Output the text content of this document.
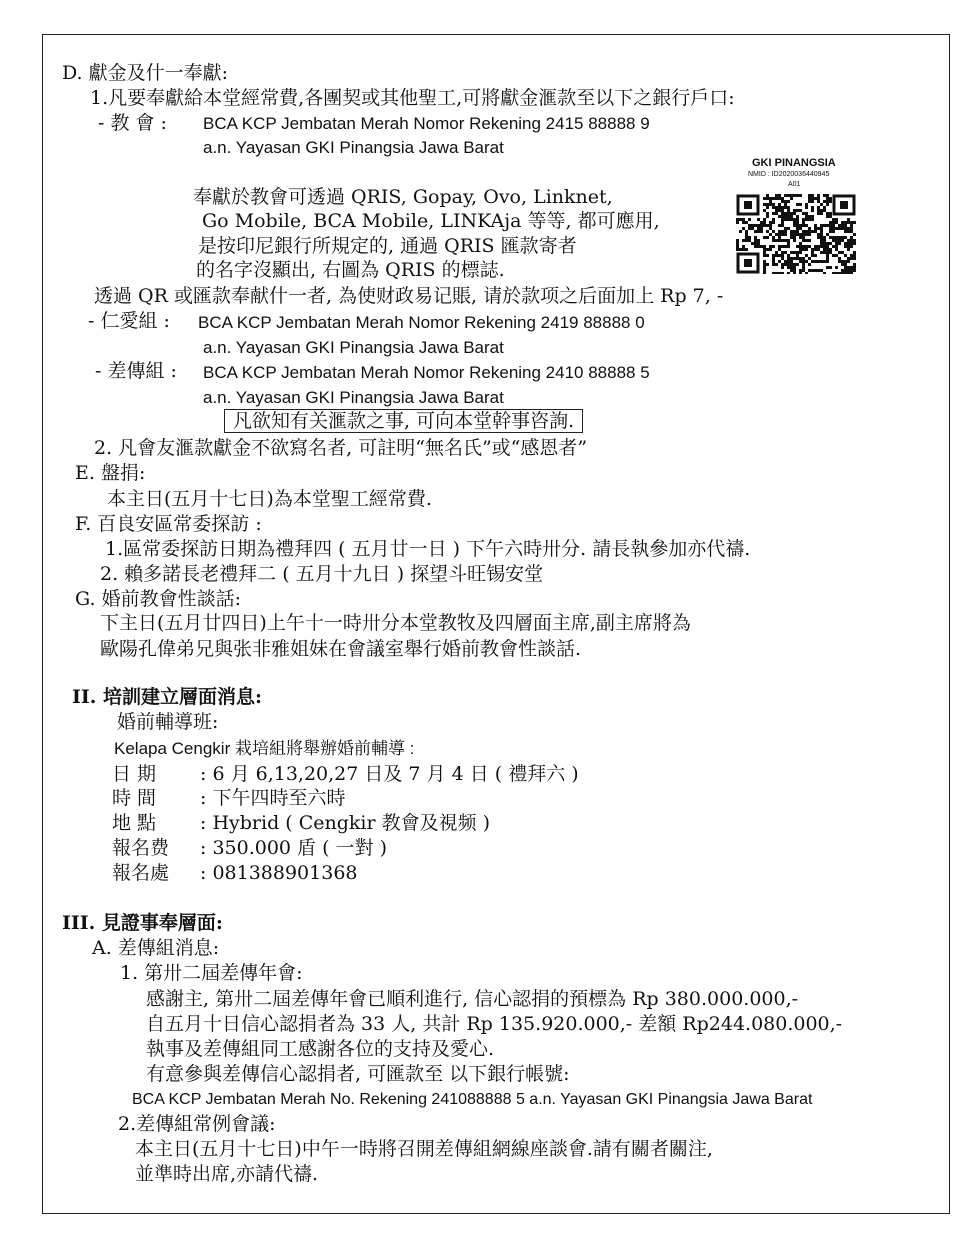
D. 獻金及什一奉獻:
1.凡要奉獻給本堂經常費,各團契或其他聖工,可將獻金滙款至以下之銀行戶口:
- 教 會 : BCA KCP Jembatan Merah Nomor Rekening 2415 88888 9
a.n. Yayasan GKI Pinangsia Jawa Barat
奉獻於教會可透過 QRIS, Gopay, Ovo, Linknet,
Go Mobile, BCA Mobile, LINKAja 等等, 都可應用,
是按印尼銀行所規定的, 通過 QRIS 匯款寄者
的名字沒顯出, 右圖為 QRIS 的標誌.
GKI PINANGSIA
NMID : ID2020036440945
A01
透過 QR 或匯款奉献什一者, 為使财政易记賬, 请於款项之后面加上 Rp 7, -
- 仁愛組 : BCA KCP Jembatan Merah Nomor Rekening 2419 88888 0
a.n. Yayasan GKI Pinangsia Jawa Barat
- 差傳組 : BCA KCP Jembatan Merah Nomor Rekening 2410 88888 5
a.n. Yayasan GKI Pinangsia Jawa Barat
凡欲知有关滙款之事, 可向本堂幹事咨詢.
2. 凡會友滙款獻金不欲寫名者, 可註明“無名氏”或“感恩者”
E. 盤捐:
本主日(五月十七日)為本堂聖工經常費.
F. 百良安區常委探訪 :
1.區常委探訪日期為禮拜四 ( 五月廿一日 ) 下午六時卅分. 請長執參加亦代禱.
2. 賴多諾長老禮拜二 ( 五月十九日 ) 探望斗旺锡安堂
G. 婚前教會性談話:
下主日(五月廿四日)上午十一時卅分本堂教牧及四層面主席,副主席將為
歐陽孔偉弟兄與张非雅姐妹在會議室舉行婚前教會性談話.
II. 培訓建立層面消息:
婚前輔導班:
Kelapa Cengkir 栽培組將舉辦婚前輔導 :
日 期 : 6 月 6,13,20,27 日及 7 月 4 日 ( 禮拜六 )
時 間 : 下午四時至六時
地 點 : Hybrid ( Cengkir 教會及視频 )
報名费 : 350.000 盾 ( 一對 )
報名處 : 081388901368
III. 見證事奉層面:
A. 差傳組消息:
1. 第卅二屆差傳年會:
感謝主, 第卅二屆差傳年會已順利進行, 信心認捐的預標為 Rp 380.000.000,-
自五月十日信心認捐者為 33 人, 共計 Rp 135.920.000,- 差額 Rp244.080.000,-
執事及差傳組同工感謝各位的支持及愛心.
有意參與差傳信心認捐者, 可匯款至 以下銀行帳號:
BCA KCP Jembatan Merah No. Rekening 241088888 5 a.n. Yayasan GKI Pinangsia Jawa Barat
2.差傳組常例會議:
本主日(五月十七日)中午一時將召開差傳組網線座談會.請有關者關注,
並準時出席,亦請代禱.
